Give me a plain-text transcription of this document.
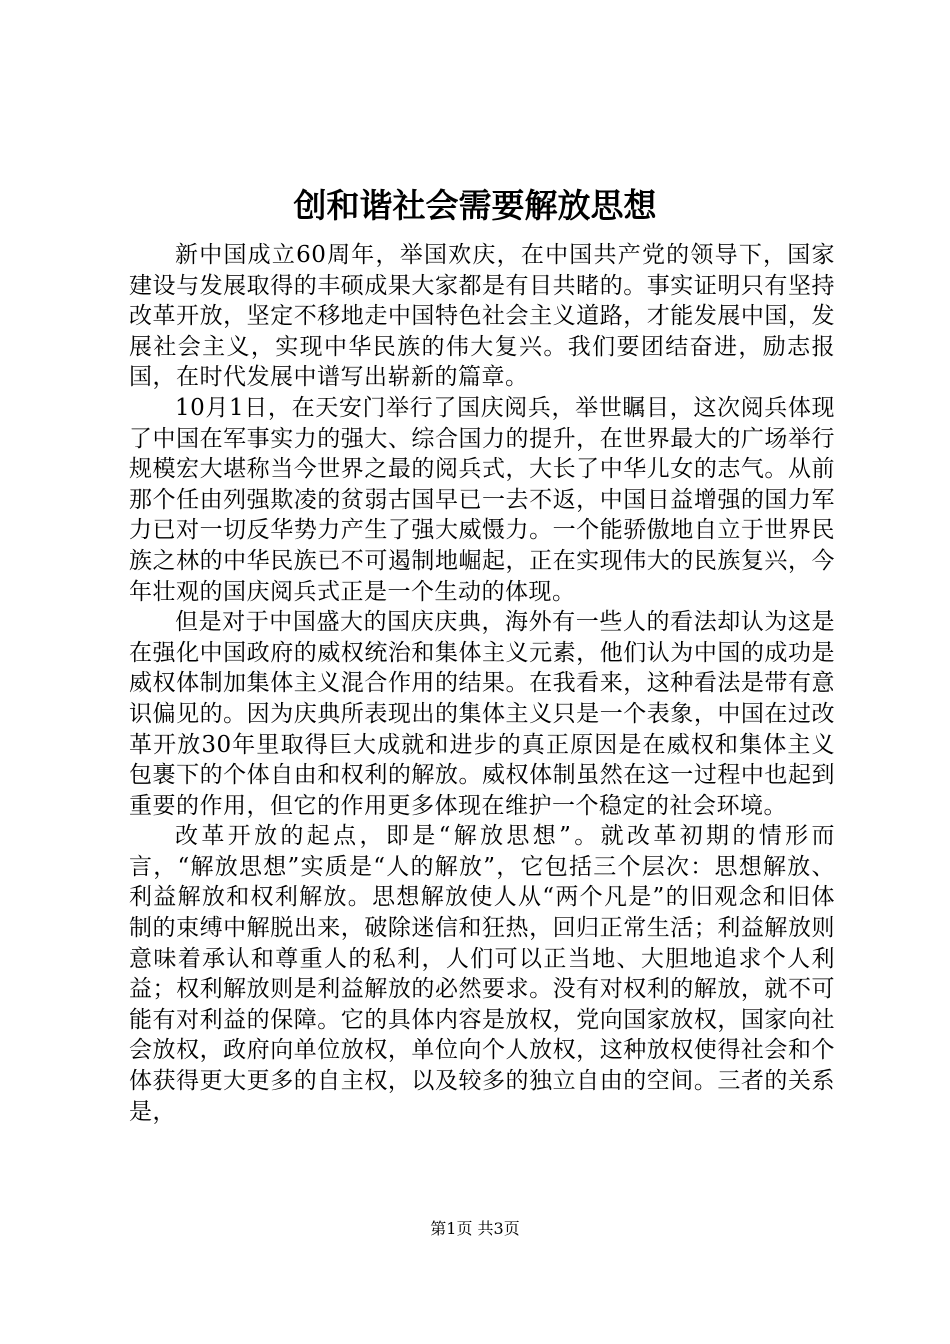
创和谐社会需要解放思想

新中国成立60周年，举国欢庆，在中国共产党的领导下，国家建设与发展取得的丰硕成果大家都是有目共睹的。事实证明只有坚持改革开放，坚定不移地走中国特色社会主义道路，才能发展中国，发展社会主义，实现中华民族的伟大复兴。我们要团结奋进，励志报国，在时代发展中谱写出崭新的篇章。

10月1日，在天安门举行了国庆阅兵，举世瞩目，这次阅兵体现了中国在军事实力的强大、综合国力的提升，在世界最大的广场举行规模宏大堪称当今世界之最的阅兵式，大长了中华儿女的志气。从前那个任由列强欺凌的贫弱古国早已一去不返，中国日益增强的国力军力已对一切反华势力产生了强大威慑力。一个能骄傲地自立于世界民族之林的中华民族已不可遏制地崛起，正在实现伟大的民族复兴，今年壮观的国庆阅兵式正是一个生动的体现。

但是对于中国盛大的国庆庆典，海外有一些人的看法却认为这是在强化中国政府的威权统治和集体主义元素，他们认为中国的成功是威权体制加集体主义混合作用的结果。在我看来，这种看法是带有意识偏见的。因为庆典所表现出的集体主义只是一个表象，中国在过改革开放30年里取得巨大成就和进步的真正原因是在威权和集体主义包裹下的个体自由和权利的解放。威权体制虽然在这一过程中也起到重要的作用，但它的作用更多体现在维护一个稳定的社会环境。

改革开放的起点，即是“解放思想”。就改革初期的情形而言，“解放思想”实质是“人的解放”，它包括三个层次：思想解放、利益解放和权利解放。思想解放使人从“两个凡是”的旧观念和旧体制的束缚中解脱出来，破除迷信和狂热，回归正常生活；利益解放则意味着承认和尊重人的私利，人们可以正当地、大胆地追求个人利益；权利解放则是利益解放的必然要求。没有对权利的解放，就不可能有对利益的保障。它的具体内容是放权，党向国家放权，国家向社会放权，政府向单位放权，单位向个人放权，这种放权使得社会和个体获得更大更多的自主权，以及较多的独立自由的空间。三者的关系是，

第1页 共3页
